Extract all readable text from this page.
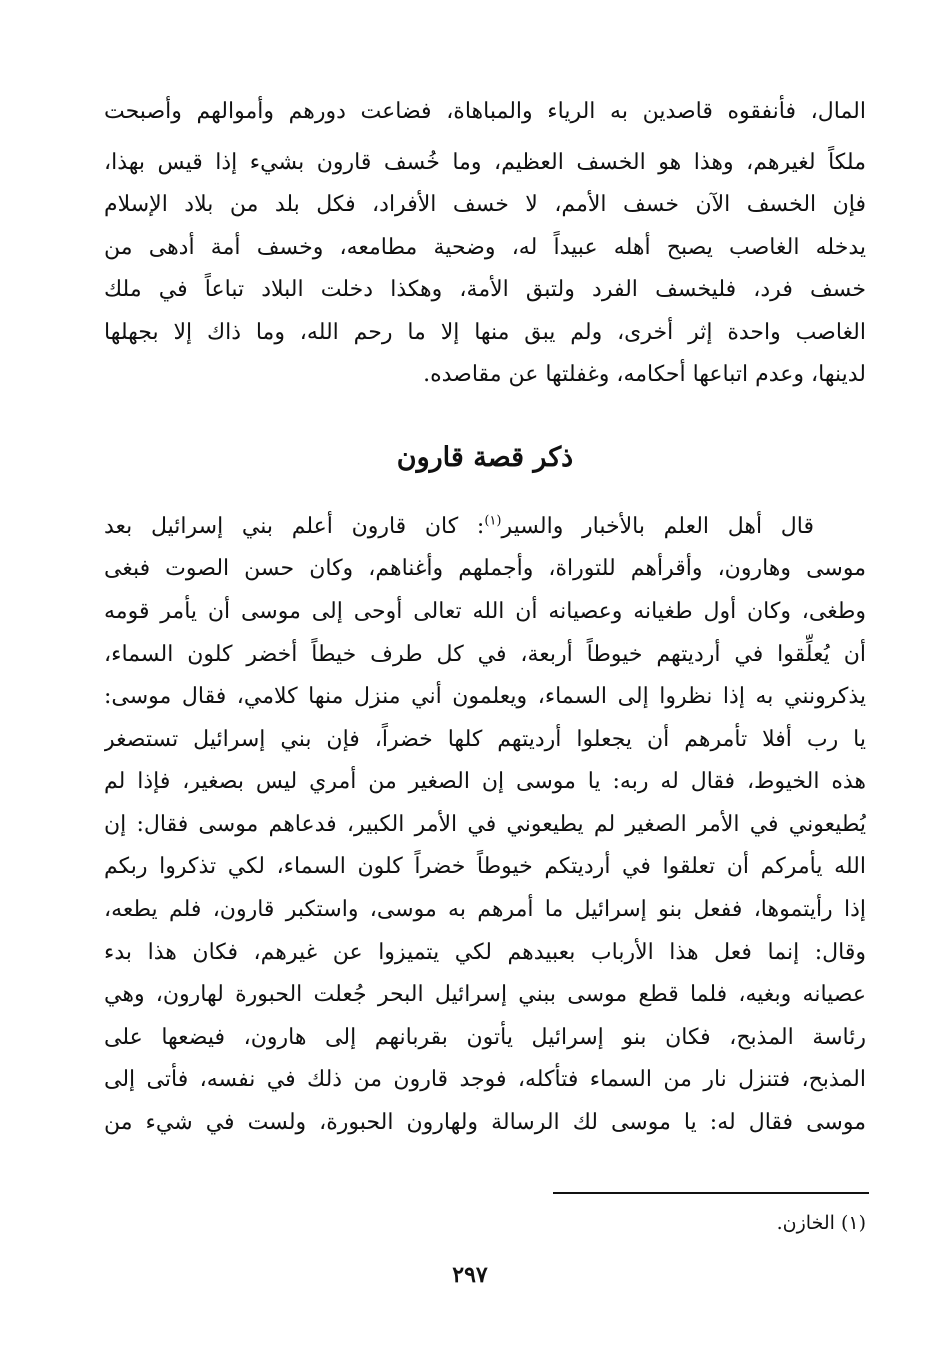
المال، فأنفقوه قاصدين به الرياء والمباهاة، فضاعت دورهم وأموالهم وأصبحت
ملكاً لغيرهم، وهذا هو الخسف العظيم، وما خُسف قارون بشيء إذا قيس بهذا،
فإن الخسف الآن خسف الأمم، لا خسف الأفراد، فكل بلد من بلاد الإسلام
يدخله الغاصب يصبح أهله عبيداً له، وضحية مطامعه، وخسف أمة أدهى من
خسف فرد، فليخسف الفرد ولتبق الأمة، وهكذا دخلت البلاد تباعاً في ملك
الغاصب واحدة إثر أخرى، ولم يبق منها إلا ما رحم الله، وما ذاك إلا بجهلها
لدينها، وعدم اتباعها أحكامه، وغفلتها عن مقاصده.
ذكر قصة قارون
قال أهل العلم بالأخبار والسير$^{(١)}$: كان قارون أعلم بني إسرائيل بعد
موسى وهارون، وأقرأهم للتوراة، وأجملهم وأغناهم، وكان حسن الصوت فبغى
وطغى، وكان أول طغيانه وعصيانه أن الله تعالى أوحى إلى موسى أن يأمر قومه
أن يُعلِّقوا في أرديتهم خيوطاً أربعة، في كل طرف خيطاً أخضر كلون السماء،
يذكرونني به إذا نظروا إلى السماء، ويعلمون أني منزل منها كلامي، فقال موسى:
يا رب أفلا تأمرهم أن يجعلوا أرديتهم كلها خضراً، فإن بني إسرائيل تستصغر
هذه الخيوط، فقال له ربه: يا موسى إن الصغير من أمري ليس بصغير، فإذا لم
يُطيعوني في الأمر الصغير لم يطيعوني في الأمر الكبير، فدعاهم موسى فقال: إن
الله يأمركم أن تعلقوا في أرديتكم خيوطاً خضراً كلون السماء، لكي تذكروا ربكم
إذا رأيتموها، ففعل بنو إسرائيل ما أمرهم به موسى، واستكبر قارون، فلم يطعه،
وقال: إنما فعل هذا الأرباب بعبيدهم لكي يتميزوا عن غيرهم، فكان هذا بدء
عصيانه وبغيه، فلما قطع موسى ببني إسرائيل البحر جُعلت الحبورة لهارون، وهي
رئاسة المذبح، فكان بنو إسرائيل يأتون بقربانهم إلى هارون، فيضعها على
المذبح، فتنزل نار من السماء فتأكله، فوجد قارون من ذلك في نفسه، فأتى إلى
موسى فقال له: يا موسى لك الرسالة ولهارون الحبورة، ولست في شيء من
(١) الخازن.
٢٩٧
